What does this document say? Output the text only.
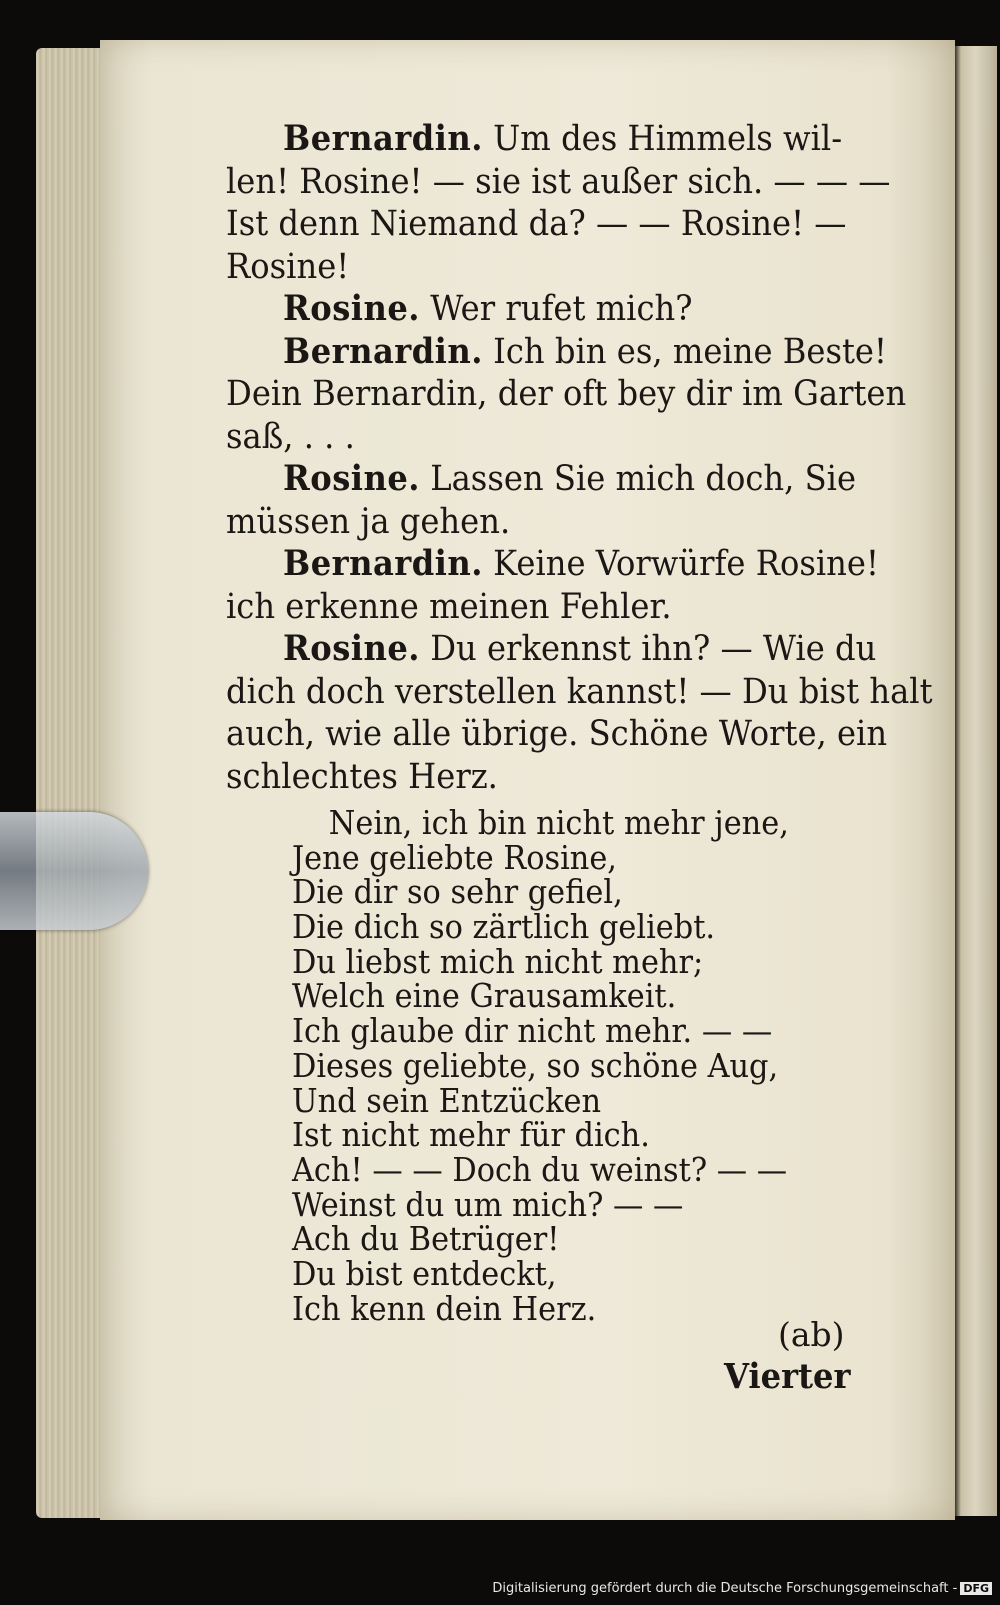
Bernardin. Um des Himmels wil-
len! Rosine! — sie ist außer sich. — — —
Ist denn Niemand da? — — Rosine! —
Rosine!
Rosine. Wer rufet mich?
Bernardin. Ich bin es, meine Beste!
Dein Bernardin, der oft bey dir im Garten
saß, . . .
Rosine. Lassen Sie mich doch, Sie
müssen ja gehen.
Bernardin. Keine Vorwürfe Rosine!
ich erkenne meinen Fehler.
Rosine. Du erkennst ihn? — Wie du
dich doch verstellen kannst! — Du bist halt
auch, wie alle übrige. Schöne Worte, ein
schlechtes Herz.
Nein, ich bin nicht mehr jene,
Jene geliebte Rosine,
Die dir so sehr gefiel,
Die dich so zärtlich geliebt.
Du liebst mich nicht mehr;
Welch eine Grausamkeit.
Ich glaube dir nicht mehr. — —
Dieses geliebte, so schöne Aug,
Und sein Entzücken
Ist nicht mehr für dich.
Ach! — — Doch du weinst? — —
Weinst du um mich? — —
Ach du Betrüger!
Du bist entdeckt,
Ich kenn dein Herz.
(ab)
Vierter
Digitalisierung gefördert durch die Deutsche Forschungsgemeinschaft - DFG
